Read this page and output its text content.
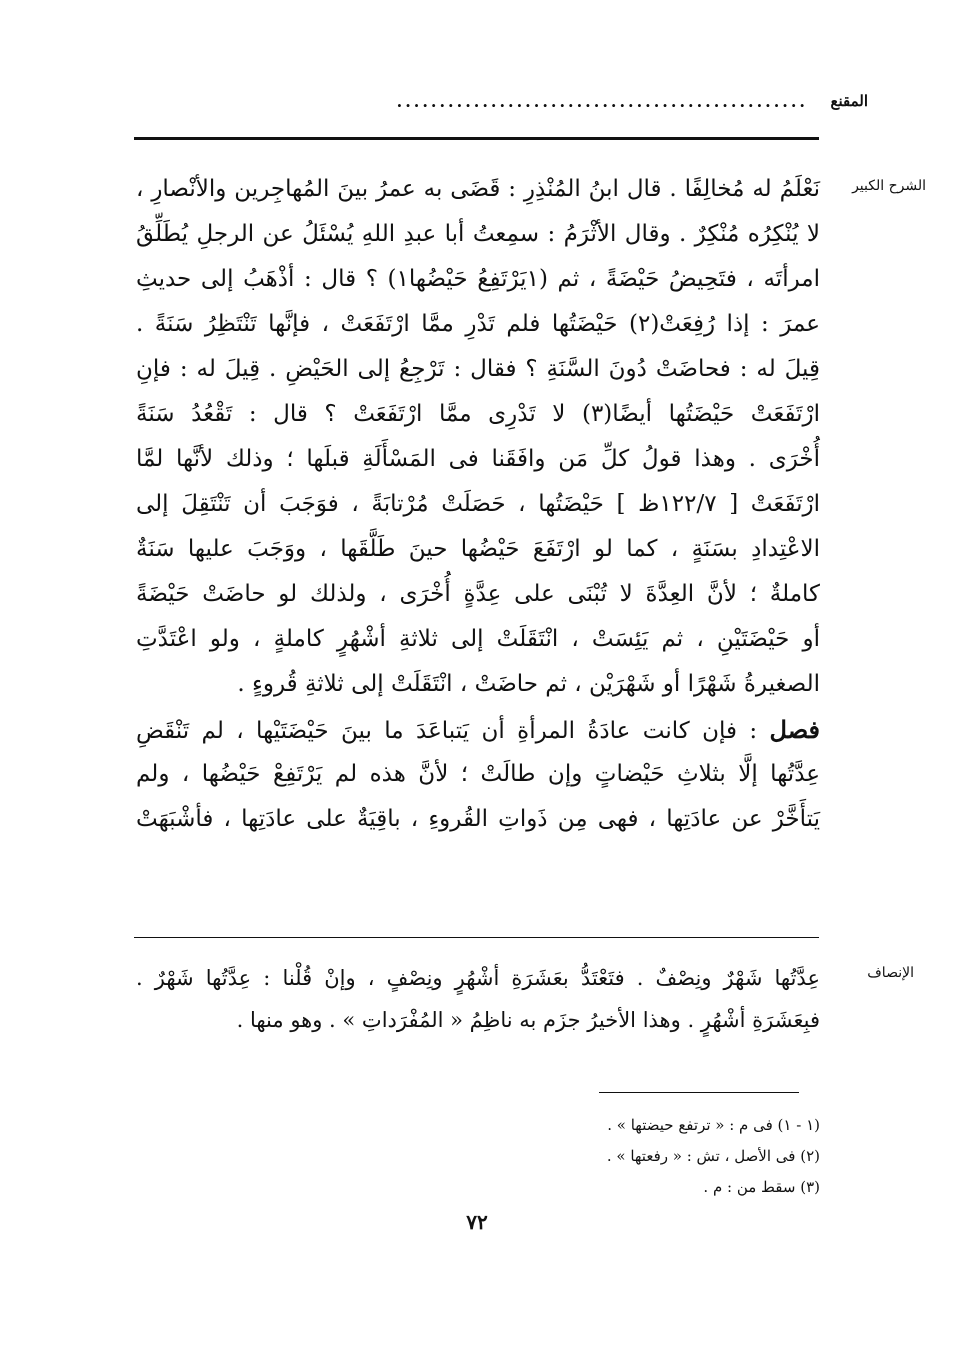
المقنع
................................................
الشرح الكبير
نَعْلَمُ له مُخالِفًا . قال ابنُ المُنْذِرِ : قَضَى به عمرُ بينَ المُهاجِرين والأنْصارِ ،
لا يُنْكِرُه مُنْكِرٌ . وقال الأثْرَمُ : سمِعتُ أبا عبدِ اللهِ يُسْئَلُ عن الرجلِ يُطَلِّقُ
امرأتَه ، فتَحِيضُ حَيْضَةً ، ثم (١يَرْتَفِعُ حَيْضُها١) ؟ قال : أذْهَبُ إلى حديثِ
عمرَ : إذا رُفِعَتْ(٢) حَيْضَتُها فلم تَدْرِ ممَّا ارْتَفَعَتْ ، فإنَّها تَنْتَظِرُ سَنَةً .
قِيلَ له : فحاضَتْ دُونَ السَّنَةِ ؟ فقال : تَرْجِعُ إلى الحَيْضِ . قِيلَ له : فإنِ
ارْتَفَعَتْ حَيْضَتُها أيضًا(٣) لا تَدْرِى ممَّا ارْتَفَعَتْ ؟ قال : تَقْعُدُ سَنَةً
أُخْرَى . وهذا قولُ كلِّ مَن وافَقَنا فى المَسْأَلَةِ قبلَها ؛ وذلك لأنَّها لمَّا
ارْتَفَعَتْ [ ١٢٢/٧ظ ] حَيْضَتُها ، حَصَلَتْ مُرْتابَةً ، فوَجَبَ أن تَنْتَقِلَ إلى
الاعْتِدادِ بسَنَةٍ ، كما لو ارْتَفَعَ حَيْضُها حينَ طَلَّقَها ، ووَجَبَ عليها سَنَةٌ
كاملةٌ ؛ لأنَّ العِدَّةَ لا تُبْنَى على عِدَّةٍ أُخْرَى ، ولذلك لو حاضَتْ حَيْضَةً
أو حَيْضَتَيْنِ ، ثم يَئِسَتْ ، انْتَقَلَتْ إلى ثلاثةِ أشْهُرٍ كاملةٍ ، ولو اعْتَدَّتِ
الصغيرةُ شَهْرًا أو شَهْرَيْن ، ثم حاضَتْ ، انْتَقَلَتْ إلى ثلاثةِ قُروءٍ .
فصل : فإن كانت عادَةُ المرأةِ أن يَتباعَدَ ما بينَ حَيْضَتَيْها ، لم تَنْقَضِ
عِدَّتُها إلَّا بثلاثِ حَيْضاتٍ وإن طالَتْ ؛ لأنَّ هذه لم يَرْتَفِعْ حَيْضُها ، ولم
يَتأَخَّرْ عن عادَتِها ، فهى مِن ذَواتِ القُروءِ ، باقِيَةٌ على عادَتِها ، فأشْبَهَتْ
الإنصاف
عِدَّتُها شَهْرٌ ونِصْفٌ . فتَعْتَدُّ بعَشَرَةِ أشْهُرٍ ونِصْفٍ ، وإنْ قُلْنا : عِدَّتُها شَهْرٌ .
فبِعَشَرَةِ أشْهُرٍ . وهذا الأخيرُ جزَم به ناظِمُ « المُفْرَداتِ » . وهو منها .
(١ - ١) فى م : « ترتفع حيضتها » .
(٢) فى الأصل ، تش : « رفعتها » .
(٣) سقط من : م .
٧٢
